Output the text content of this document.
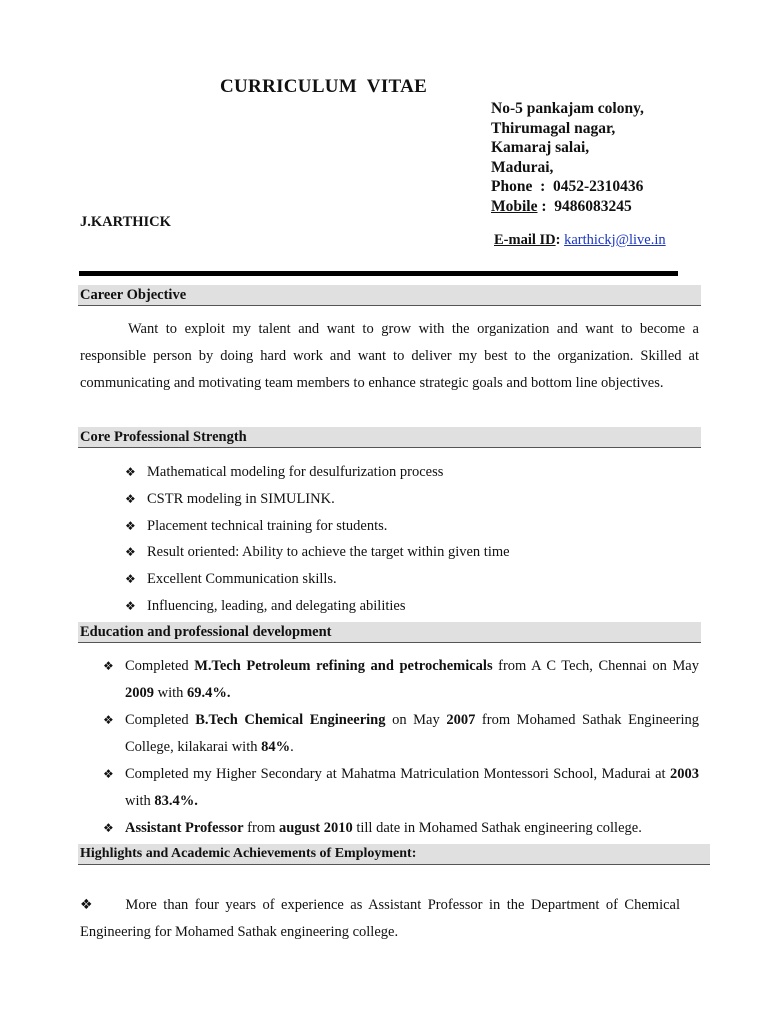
CURRICULUM  VITAE
No-5 pankajam colony,
Thirumagal nagar,
Kamaraj salai,
Madurai,
Phone  :  0452-2310436
Mobile :  9486083245
J.KARTHICK
E-mail ID: karthickj@live.in
Career Objective
Want to exploit my talent and want to grow with the organization and want to become a responsible person by doing hard work and want to deliver my best to the organization. Skilled at communicating and motivating team members to enhance strategic goals and bottom line objectives.
Core Professional Strength
❖ Mathematical modeling for desulfurization process
❖ CSTR modeling in SIMULINK.
❖ Placement technical training for students.
❖ Result oriented: Ability to achieve the target within given time
❖ Excellent Communication skills.
❖ Influencing, leading, and delegating abilities
Education and professional development
❖ Completed M.Tech Petroleum refining and petrochemicals from A C Tech, Chennai on May 2009 with 69.4%.
❖ Completed B.Tech Chemical Engineering on May 2007 from Mohamed Sathak Engineering College, kilakarai with 84%.
❖ Completed my Higher Secondary at Mahatma Matriculation Montessori School, Madurai at 2003 with 83.4%.
❖ Assistant Professor from august 2010 till date in Mohamed Sathak engineering college.
Highlights and Academic Achievements of Employment:
❖ More than four years of experience as Assistant Professor in the Department of Chemical Engineering for Mohamed Sathak engineering college.
